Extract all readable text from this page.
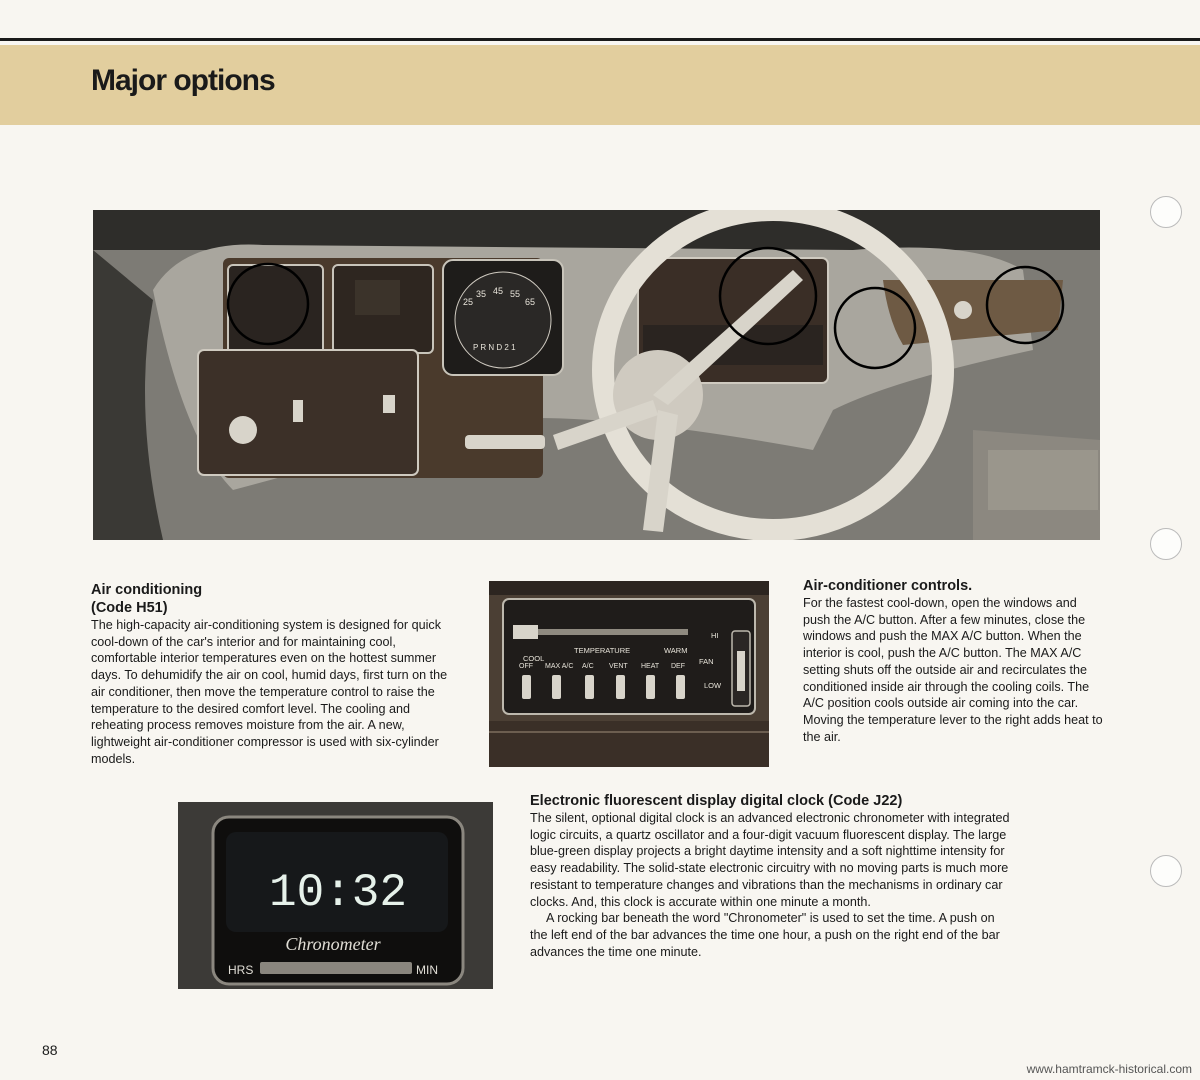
Major options
25
35 45 55
65
P R N D 2 1
Air conditioning
(Code H51)

The high-capacity air-conditioning system is designed for quick cool-down of the car's interior and for maintaining cool, comfortable interior temperatures even on the hottest summer days. To dehumidify the air on cool, humid days, first turn on the air conditioner, then move the temperature control to raise the temperature to the desired comfort level. The cooling and reheating process removes moisture from the air. A new, lightweight air-conditioner compressor is used with six-cylinder models.

COOL
TEMPERATURE	WARM
HI
FAN
LOW
OFF MAX A/C A/C VENT HEAT DEF
Air-conditioner controls.

For the fastest cool-down, open the windows and push the A/C button. After a few minutes, close the windows and push the MAX A/C button. When the interior is cool, push the A/C button. The MAX A/C setting shuts off the outside air and recirculates the conditioned inside air through the cooling coils. The A/C position cools outside air coming into the car. Moving the temperature lever to the right adds heat to the air.

10:32
Chronometer
HRS	MIN
Electronic fluorescent display digital clock (Code J22)

The silent, optional digital clock is an advanced electronic chronometer with integrated logic circuits, a quartz oscillator and a four-digit vacuum fluorescent display. The large blue-green display projects a bright daytime intensity and a soft nighttime intensity for easy readability. The solid-state electronic circuitry with no moving parts is much more resistant to temperature changes and vibrations than the mechanisms in ordinary car clocks. And, this clock is accurate within one minute a month.

A rocking bar beneath the word "Chronometer" is used to set the time. A push on the left end of the bar advances the time one hour, a push on the right end of the bar advances the time one minute.

88
www.hamtramck-historical.com
